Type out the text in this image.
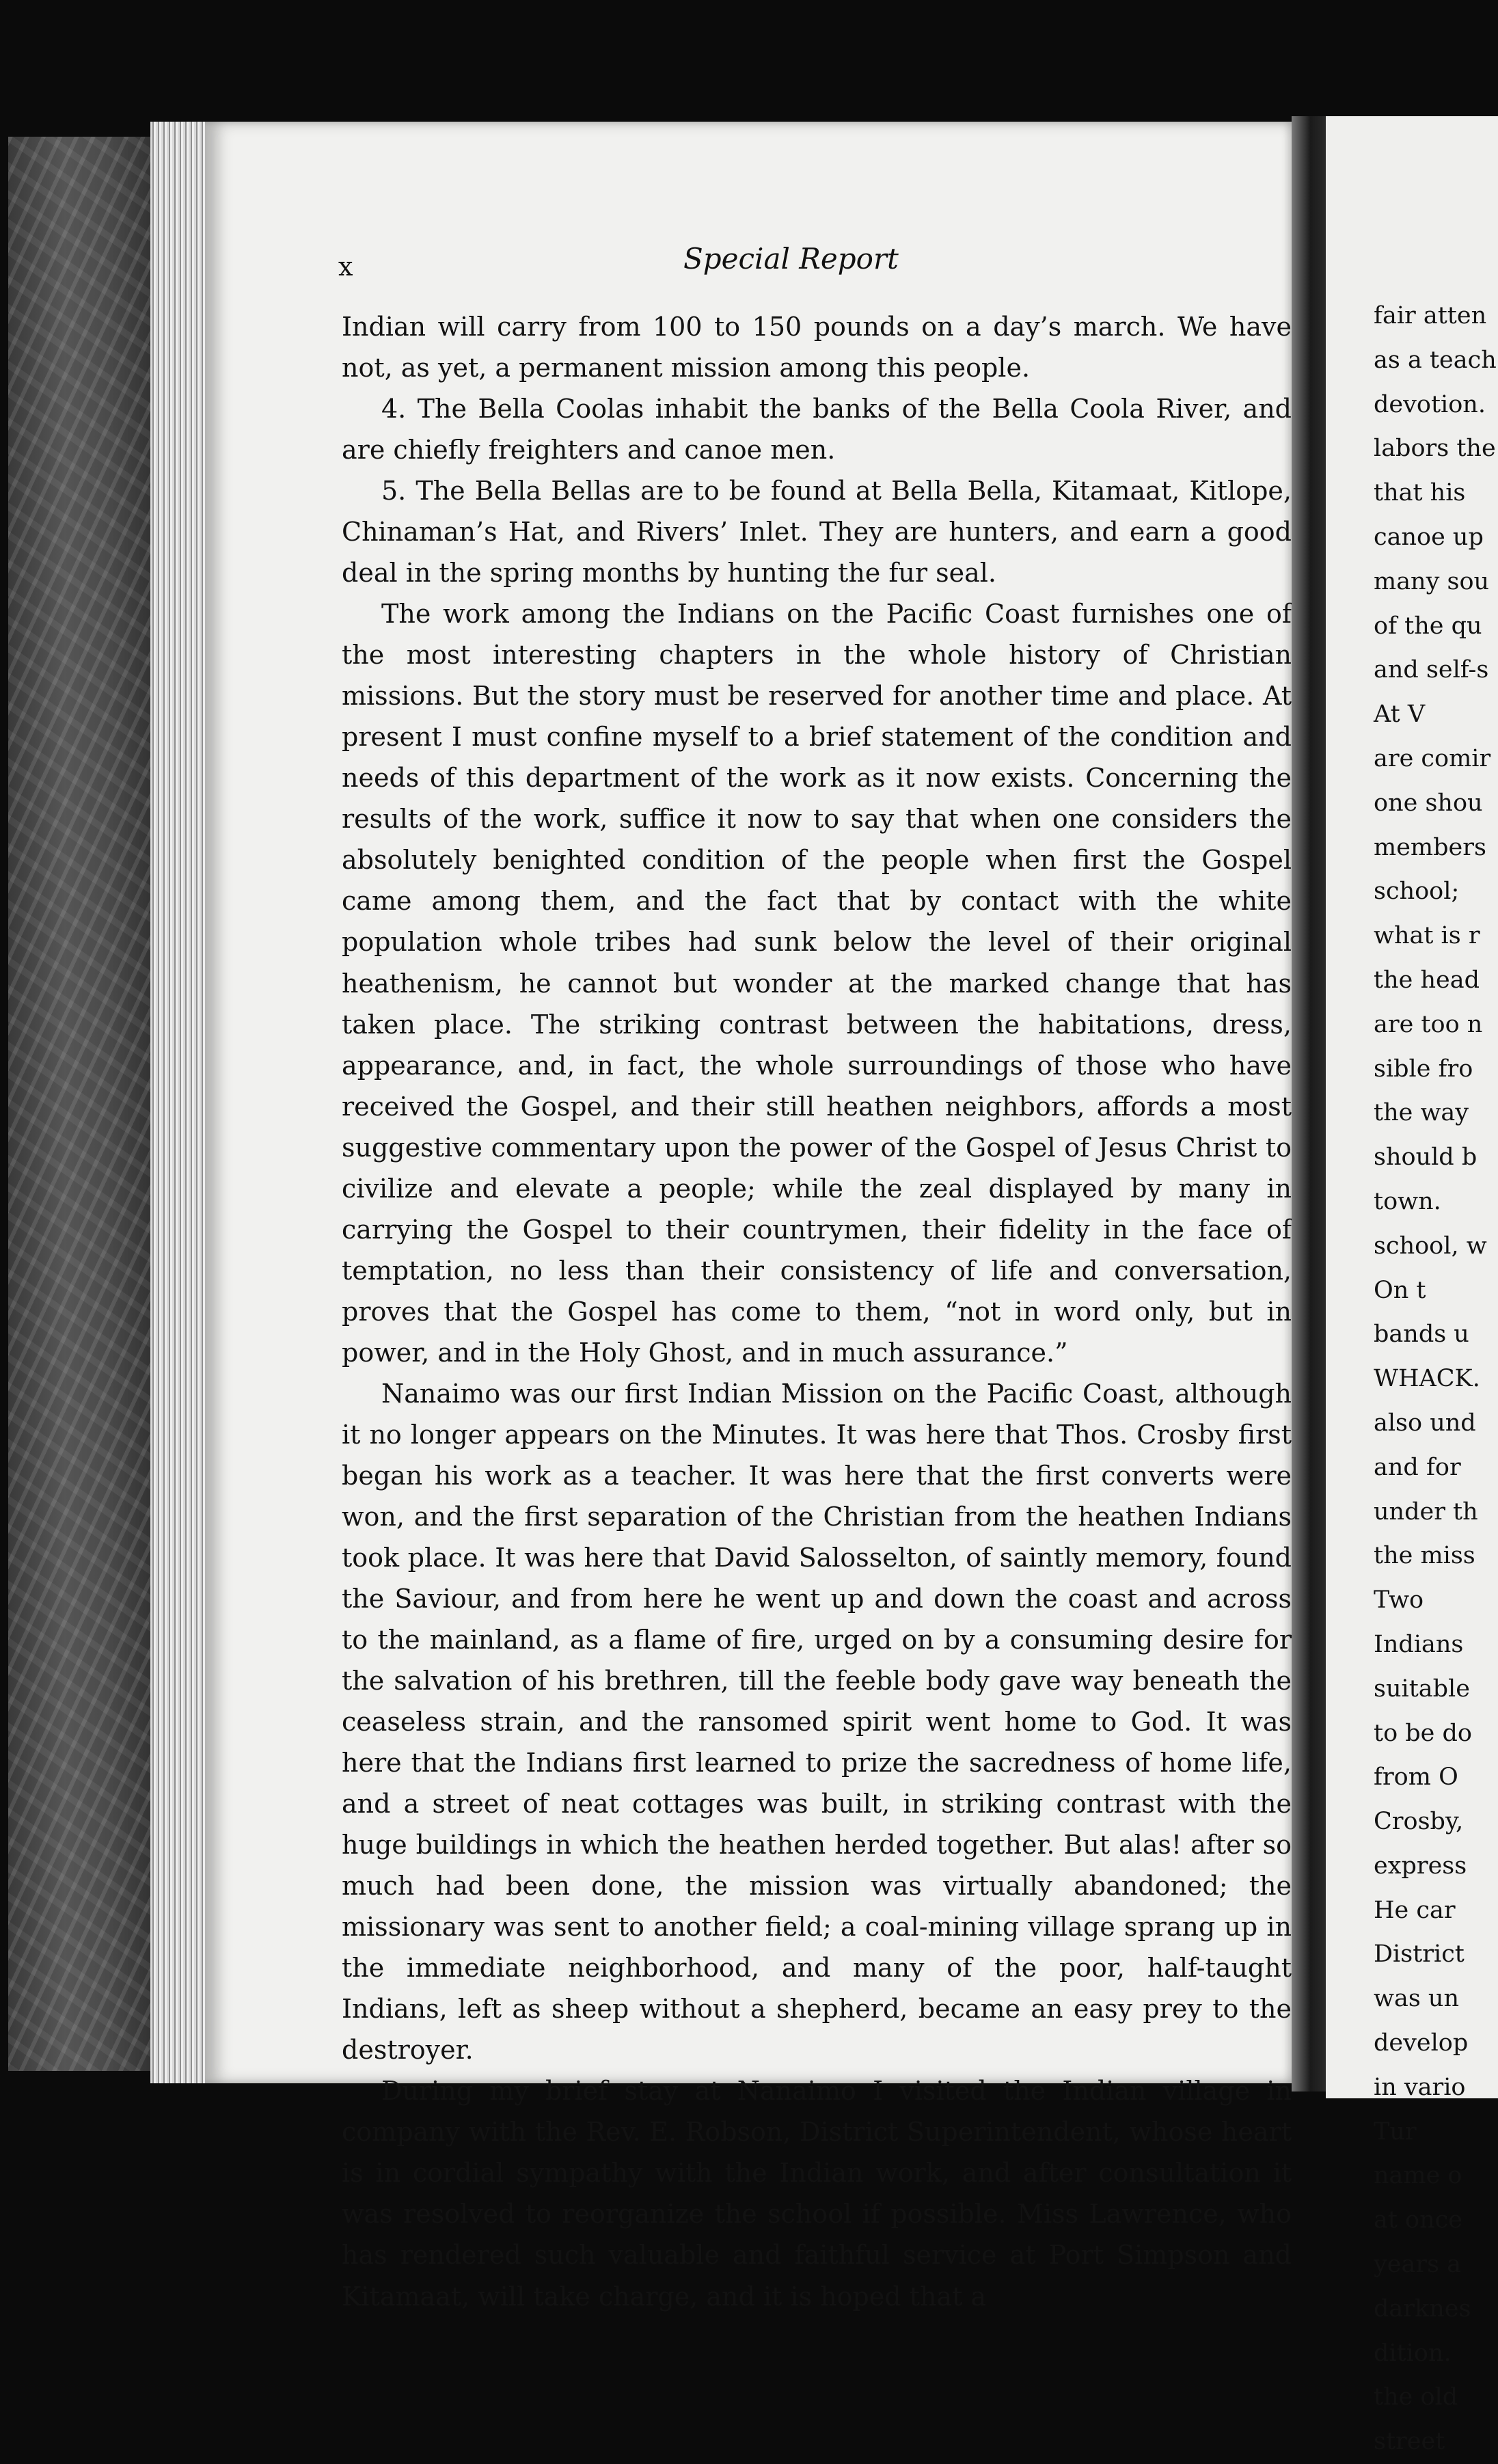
x	Special Report

Indian will carry from 100 to 150 pounds on a day’s march. We have not, as yet, a permanent mission among this people.

4. The Bella Coolas inhabit the banks of the Bella Coola River, and are chiefly freighters and canoe men.

5. The Bella Bellas are to be found at Bella Bella, Kitamaat, Kitlope, Chinaman’s Hat, and Rivers’ Inlet. They are hunters, and earn a good deal in the spring months by hunting the fur seal.

The work among the Indians on the Pacific Coast furnishes one of the most interesting chapters in the whole history of Christian missions. But the story must be reserved for another time and place. At present I must confine myself to a brief statement of the condition and needs of this department of the work as it now exists. Concerning the results of the work, suffice it now to say that when one considers the absolutely benighted condition of the people when first the Gospel came among them, and the fact that by contact with the white population whole tribes had sunk below the level of their original heathenism, he cannot but wonder at the marked change that has taken place. The striking contrast between the habitations, dress, appearance, and, in fact, the whole surroundings of those who have received the Gospel, and their still heathen neighbors, affords a most suggestive commentary upon the power of the Gospel of Jesus Christ to civilize and elevate a people; while the zeal displayed by many in carrying the Gospel to their countrymen, their fidelity in the face of temptation, no less than their consistency of life and conversation, proves that the Gospel has come to them, “not in word only, but in power, and in the Holy Ghost, and in much assurance.”

Nanaimo was our first Indian Mission on the Pacific Coast, although it no longer appears on the Minutes. It was here that Thos. Crosby first began his work as a teacher. It was here that the first converts were won, and the first separation of the Christian from the heathen Indians took place. It was here that David Salosselton, of saintly memory, found the Saviour, and from here he went up and down the coast and across to the mainland, as a flame of fire, urged on by a consuming desire for the salvation of his brethren, till the feeble body gave way beneath the ceaseless strain, and the ransomed spirit went home to God. It was here that the Indians first learned to prize the sacredness of home life, and a street of neat cottages was built, in striking contrast with the huge buildings in which the heathen herded together. But alas! after so much had been done, the mission was virtually abandoned; the missionary was sent to another field; a coal-mining village sprang up in the immediate neighborhood, and many of the poor, half-taught Indians, left as sheep without a shepherd, became an easy prey to the destroyer.

During my brief stay at Nanaimo I visited the Indian village in company with the Rev. E. Robson, District Superintendent, whose heart is in cordial sympathy with the Indian work, and after consultation it was resolved to reorganize the school if possible. Miss Lawrence, who has rendered such valuable and faithful service at Port Simpson and Kitamaat, will take charge, and it is hoped that a

fair atten
as a teach
devotion.
labors the
that his
canoe up
many sou
of the qu
and self-s
At V
are comir
one shou
members
school;
what is r
the head
are too n
sible fro
the way
should b
town.
school, w
On t
bands u
WHACK.
also und
and for
under th
the miss
Two
Indians
suitable
to be do
from O
Crosby,
express
He car
District
was un
develop
in vario
Tur
name o
at once
years a
darknes
dition.
the old
street
